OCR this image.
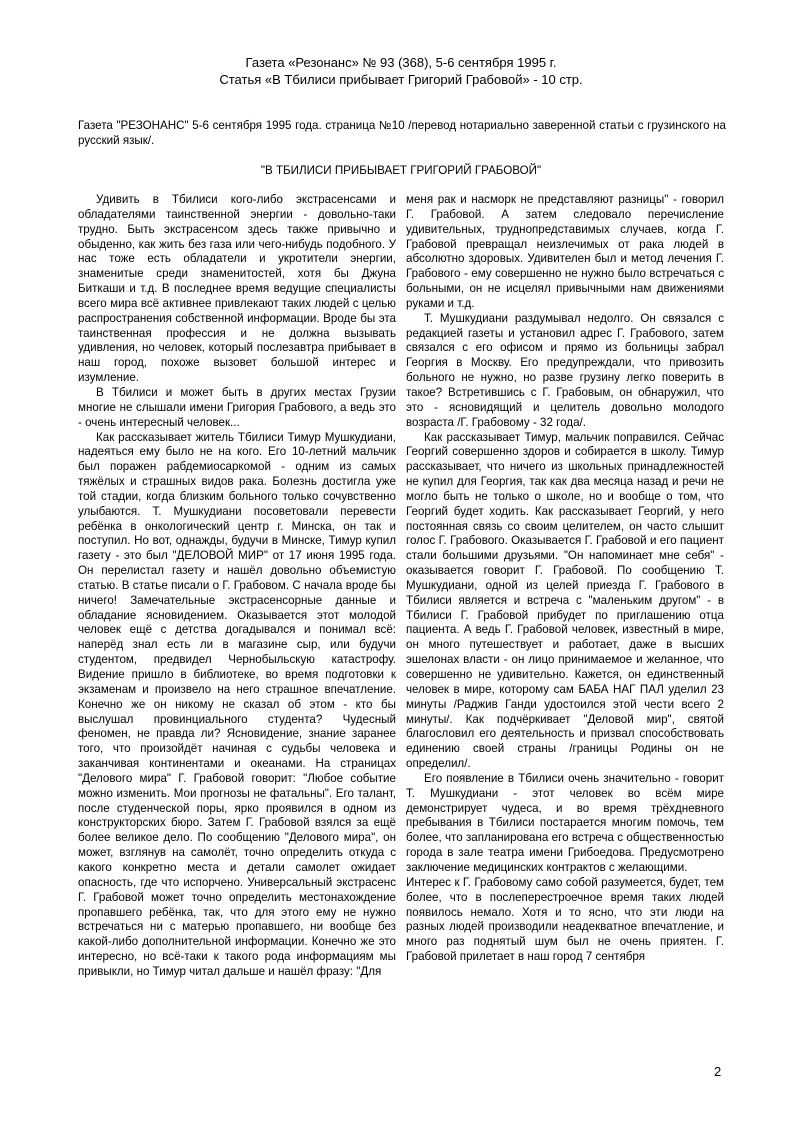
Газета «Резонанс» № 93 (368), 5-6 сентября 1995 г.
Статья «В Тбилиси прибывает Григорий Грабовой» - 10 стр.
Газета "РЕЗОНАНС" 5-6 сентября 1995 года. страница №10 /перевод нотариально заверенной статьи с грузинского на русский язык/.
"В ТБИЛИСИ ПРИБЫВАЕТ ГРИГОРИЙ ГРАБОВОЙ"

Удивить в Тбилиси кого-либо экстрасенсами и обладателями таинственной энергии - довольно-таки трудно. Быть экстрасенсом здесь также привычно и обыденно, как жить без газа или чего-нибудь подобного. У нас тоже есть обладатели и укротители энергии, знаменитые среди знаменитостей, хотя бы Джуна Биткаши и т.д. В последнее время ведущие специалисты всего мира всё активнее привлекают таких людей с целью распространения собственной информации. Вроде бы эта таинственная профессия и не должна вызывать удивления, но человек, который послезавтра прибывает в наш город, похоже вызовет большой интерес и изумление.

В Тбилиси и может быть в других местах Грузии многие не слышали имени Григория Грабового, а ведь это - очень интересный человек...

Как рассказывает житель Тбилиси Тимур Мушкудиани, надеяться ему было не на кого. Его 10-летний мальчик был поражен рабдемиосаркомой - одним из самых тяжёлых и страшных видов рака. Болезнь достигла уже той стадии, когда близким больного только сочувственно улыбаются. Т. Мушкудиани посоветовали перевести ребёнка в онкологический центр г. Минска, он так и поступил. Но вот, однажды, будучи в Минске, Тимур купил газету - это был "ДЕЛОВОЙ МИР" от 17 июня 1995 года. Он перелистал газету и нашёл довольно объемистую статью. В статье писали о Г. Грабовом. С начала вроде бы ничего! Замечательные экстрасенсорные данные и обладание ясновидением. Оказывается этот молодой человек ещё с детства догадывался и понимал всё: наперёд знал есть ли в магазине сыр, или будучи студентом, предвидел Чернобыльскую катастрофу. Видение пришло в библиотеке, во время подготовки к экзаменам и произвело на него страшное впечатление. Конечно же он никому не сказал об этом - кто бы выслушал провинциального студента? Чудесный феномен, не правда ли? Ясновидение, знание заранее того, что произойдёт начиная с судьбы человека и заканчивая континентами и океанами. На страницах "Делового мира" Г. Грабовой говорит: "Любое событие можно изменить. Мои прогнозы не фатальны". Его талант, после студенческой поры, ярко проявился в одном из конструкторских бюро. Затем Г. Грабовой взялся за ещё более великое дело. По сообщению "Делового мира", он может, взглянув на самолёт, точно определить откуда с какого конкретно места и детали самолет ожидает опасность, где что испорчено. Универсальный экстрасенс Г. Грабовой может точно определить местонахождение пропавшего ребёнка, так, что для этого ему не нужно встречаться ни с матерью пропавшего, ни вообще без какой-либо дополнительной информации. Конечно же это интересно, но всё-таки к такого рода информациям мы привыкли, но Тимур читал дальше и нашёл фразу: "Для

меня рак и насморк не представляют разницы" - говорил Г. Грабовой. А затем следовало перечисление удивительных, труднопредставимых случаев, когда Г. Грабовой превращал неизлечимых от рака людей в абсолютно здоровых. Удивителен был и метод лечения Г. Грабового - ему совершенно не нужно было встречаться с больными, он не исцелял привычными нам движениями руками и т.д.

Т. Мушкудиани раздумывал недолго. Он связался с редакцией газеты и установил адрес Г. Грабового, затем связался с его офисом и прямо из больницы забрал Георгия в Москву. Его предупреждали, что привозить больного не нужно, но разве грузину легко поверить в такое? Встретившись с Г. Грабовым, он обнаружил, что это - ясновидящий и целитель довольно молодого возраста /Г. Грабовому - 32 года/.

Как рассказывает Тимур, мальчик поправился. Сейчас Георгий совершенно здоров и собирается в школу. Тимур рассказывает, что ничего из школьных принадлежностей не купил для Георгия, так как два месяца назад и речи не могло быть не только о школе, но и вообще о том, что Георгий будет ходить. Как рассказывает Георгий, у него постоянная связь со своим целителем, он часто слышит голос Г. Грабового. Оказывается Г. Грабовой и его пациент стали большими друзьями. "Он напоминает мне себя" - оказывается говорит Г. Грабовой. По сообщению Т. Мушкудиани, одной из целей приезда Г. Грабового в Тбилиси является и встреча с "маленьким другом" - в Тбилиси Г. Грабовой прибудет по приглашению отца пациента. А ведь Г. Грабовой человек, известный в мире, он много путешествует и работает, даже в высших эшелонах власти - он лицо принимаемое и желанное, что совершенно не удивительно. Кажется, он единственный человек в мире, которому сам БАБА НАГ ПАЛ уделил 23 минуты /Раджив Ганди удостоился этой чести всего 2 минуты/. Как подчёркивает "Деловой мир", святой благословил его деятельность и призвал способствовать единению своей страны /границы Родины он не определил/.

Его появление в Тбилиси очень значительно - говорит Т. Мушкудиани - этот человек во всём мире демонстрирует чудеса, и во время трёхдневного пребывания в Тбилиси постарается многим помочь, тем более, что запланирована его встреча с общественностью города в зале театра имени Грибоедова. Предусмотрено заключение медицинских контрактов с желающими.

Интерес к Г. Грабовому само собой разумеется, будет, тем более, что в послеперестроечное время таких людей появилось немало. Хотя и то ясно, что эти люди на разных людей производили неадекватное впечатление, и много раз поднятый шум был не очень приятен. Г. Грабовой прилетает в наш город 7 сентября

2
